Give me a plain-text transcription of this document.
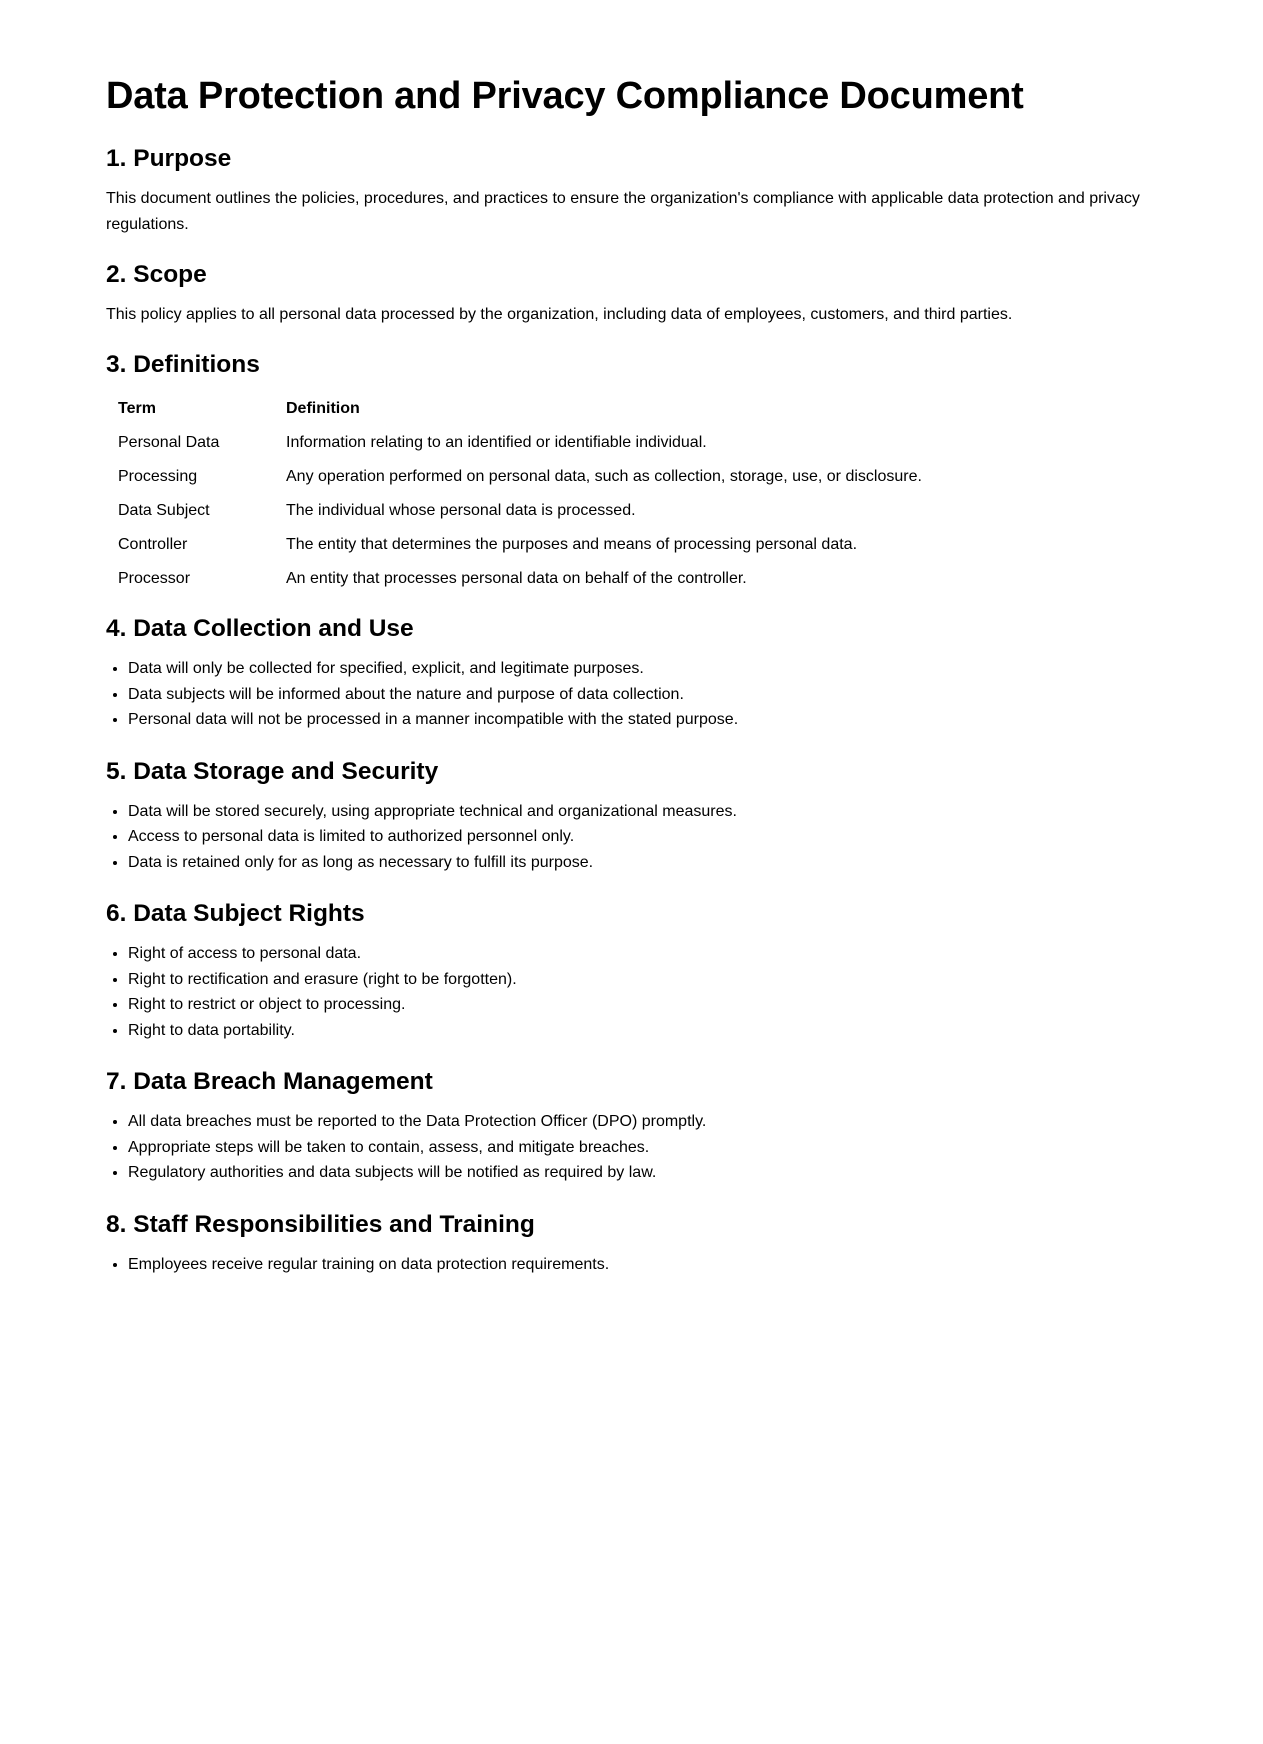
Data Protection and Privacy Compliance Document
1. Purpose

This document outlines the policies, procedures, and practices to ensure the organization's compliance with applicable data protection and privacy regulations.

2. Scope

This policy applies to all personal data processed by the organization, including data of employees, customers, and third parties.

3. Definitions
Term	Definition
Personal Data	Information relating to an identified or identifiable individual.
Processing	Any operation performed on personal data, such as collection, storage, use, or disclosure.
Data Subject	The individual whose personal data is processed.
Controller	The entity that determines the purposes and means of processing personal data.
Processor	An entity that processes personal data on behalf of the controller.
4. Data Collection and Use
• Data will only be collected for specified, explicit, and legitimate purposes.
• Data subjects will be informed about the nature and purpose of data collection.
• Personal data will not be processed in a manner incompatible with the stated purpose.
5. Data Storage and Security
• Data will be stored securely, using appropriate technical and organizational measures.
• Access to personal data is limited to authorized personnel only.
• Data is retained only for as long as necessary to fulfill its purpose.
6. Data Subject Rights
• Right of access to personal data.
• Right to rectification and erasure (right to be forgotten).
• Right to restrict or object to processing.
• Right to data portability.
7. Data Breach Management
• All data breaches must be reported to the Data Protection Officer (DPO) promptly.
• Appropriate steps will be taken to contain, assess, and mitigate breaches.
• Regulatory authorities and data subjects will be notified as required by law.
8. Staff Responsibilities and Training
• Employees receive regular training on data protection requirements.
